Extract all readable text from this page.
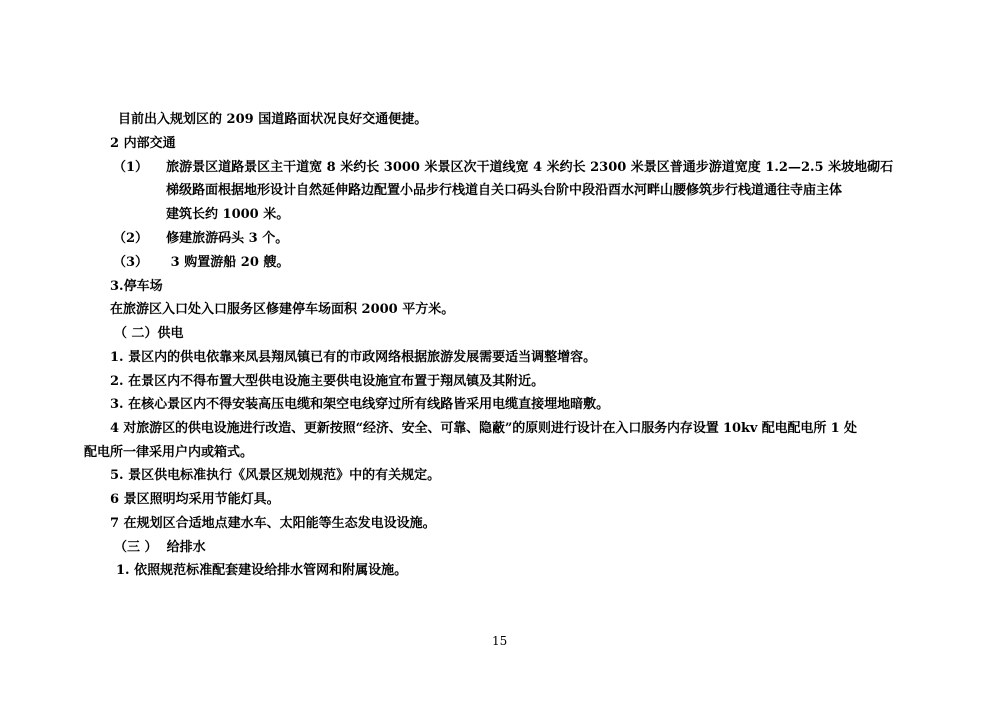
目前出入规划区的 209 国道路面状况良好交通便捷。
2 内部交通
（1）    旅游景区道路景区主干道宽 8 米约长 3000 米景区次干道线宽 4 米约长 2300 米景区普通步游道宽度 1.2—2.5 米坡地砌石
梯级路面根据地形设计自然延伸路边配置小品步行栈道自关口码头台阶中段沿酉水河畔山腰修筑步行栈道通往寺庙主体
建筑长约 1000 米。
（2）    修建旅游码头 3 个。
（3）     3 购置游船 20 艘。
3.停车场
在旅游区入口处入口服务区修建停车场面积 2000 平方米。
（ 二）供电
1. 景区内的供电依靠来凤县翔凤镇已有的市政网络根据旅游发展需要适当调整增容。
2. 在景区内不得布置大型供电设施主要供电设施宜布置于翔凤镇及其附近。
3. 在核心景区内不得安装高压电缆和架空电线穿过所有线路皆采用电缆直接埋地暗敷。
4 对旅游区的供电设施进行改造、更新按照“经济、安全、可靠、隐蔽”的原则进行设计在入口服务内存设置 10kv 配电配电所 1 处
配电所一律采用户内或箱式。
5. 景区供电标准执行《风景区规划规范》中的有关规定。
6 景区照明均采用节能灯具。
7 在规划区合适地点建水车、太阳能等生态发电设设施。
（三 ）  给排水
1. 依照规范标准配套建设给排水管网和附属设施。
15
